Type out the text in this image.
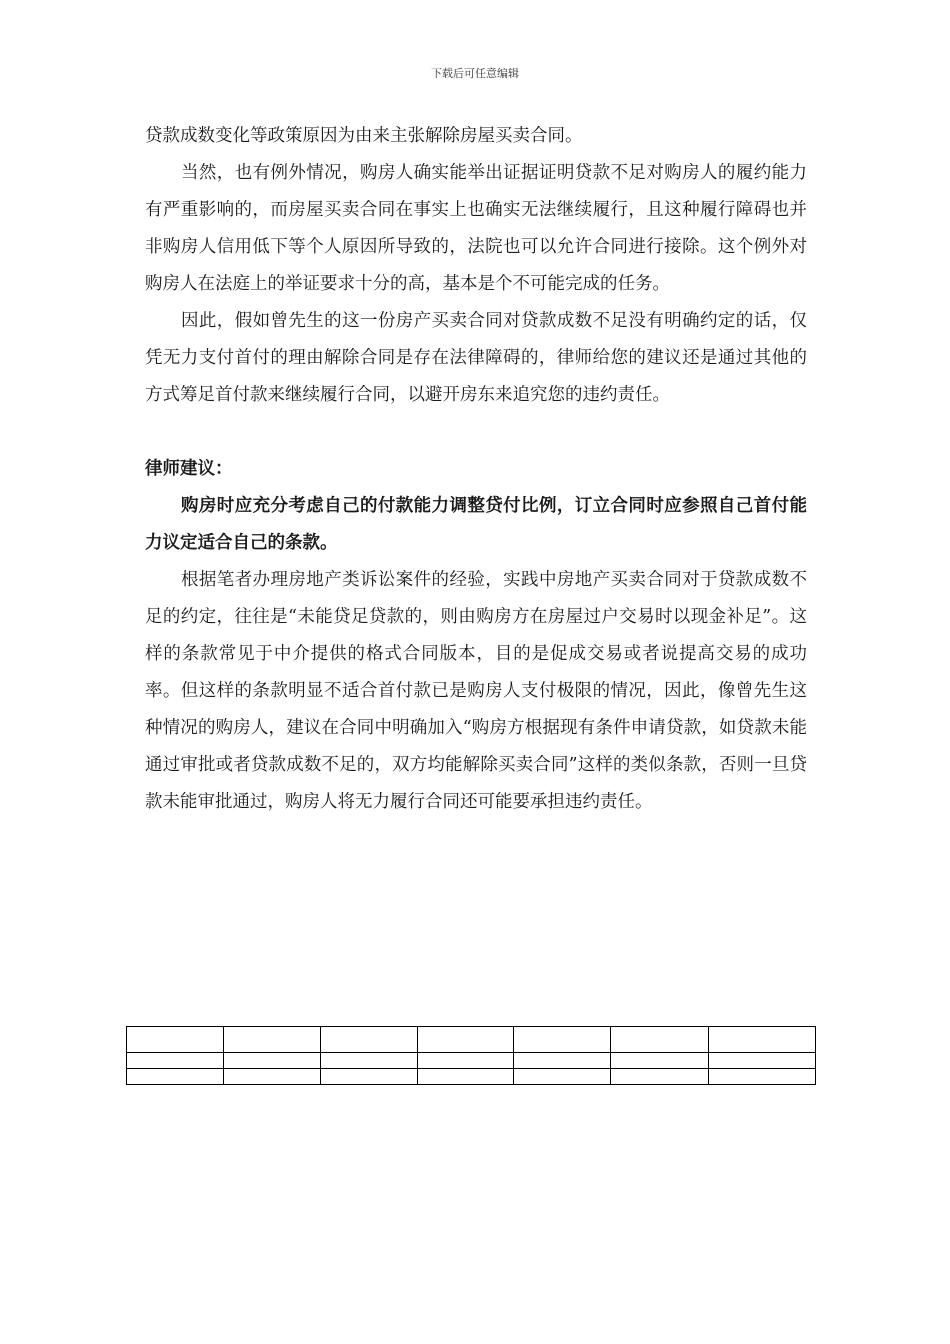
下载后可任意编辑

贷款成数变化等政策原因为由来主张解除房屋买卖合同。

当然，也有例外情况，购房人确实能举出证据证明贷款不足对购房人的履约能力有严重影响的，而房屋买卖合同在事实上也确实无法继续履行，且这种履行障碍也并非购房人信用低下等个人原因所导致的，法院也可以允许合同进行接除。这个例外对购房人在法庭上的举证要求十分的高，基本是个不可能完成的任务。

因此，假如曾先生的这一份房产买卖合同对贷款成数不足没有明确约定的话，仅凭无力支付首付的理由解除合同是存在法律障碍的，律师给您的建议还是通过其他的方式筹足首付款来继续履行合同，以避开房东来追究您的违约责任。

律师建议：

购房时应充分考虑自己的付款能力调整贷付比例，订立合同时应参照自己首付能力议定适合自己的条款。

根据笔者办理房地产类诉讼案件的经验，实践中房地产买卖合同对于贷款成数不足的约定，往往是“未能贷足贷款的，则由购房方在房屋过户交易时以现金补足”。这样的条款常见于中介提供的格式合同版本，目的是促成交易或者说提高交易的成功率。但这样的条款明显不适合首付款已是购房人支付极限的情况，因此，像曾先生这种情况的购房人，建议在合同中明确加入“购房方根据现有条件申请贷款，如贷款未能通过审批或者贷款成数不足的，双方均能解除买卖合同”这样的类似条款，否则一旦贷款未能审批通过，购房人将无力履行合同还可能要承担违约责任。
